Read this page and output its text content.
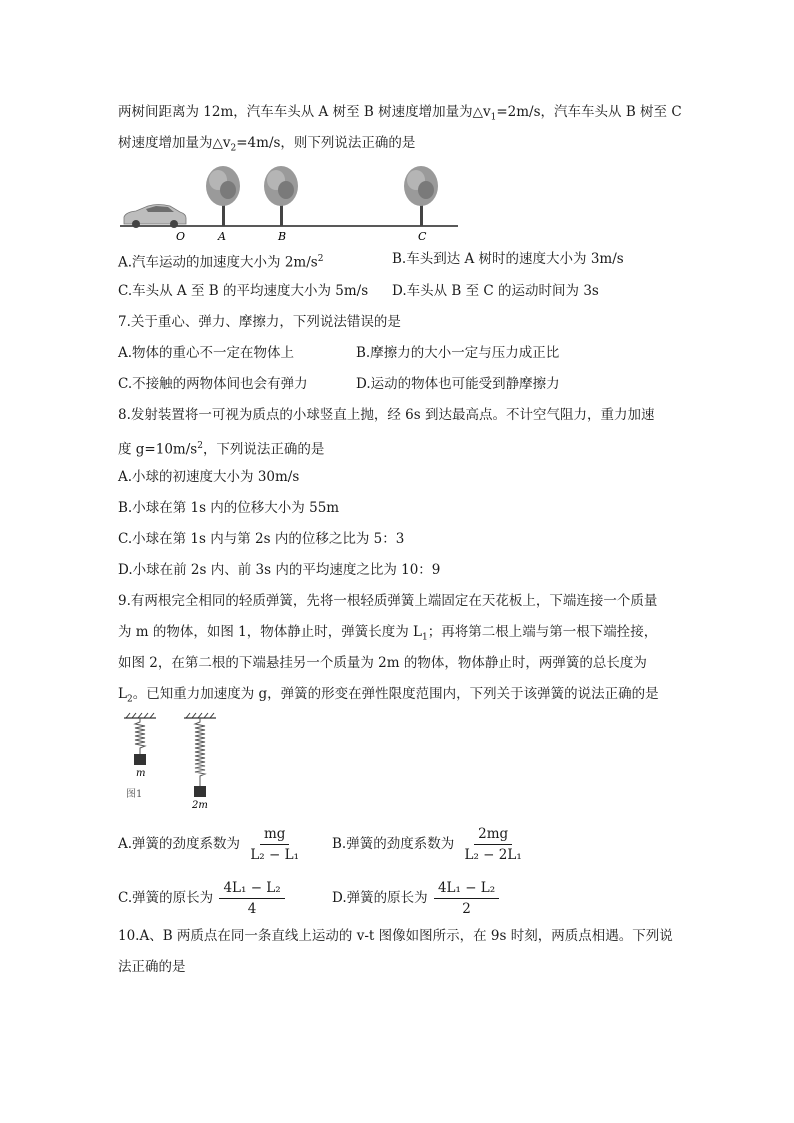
两树间距离为 12m，汽车车头从 A 树至 B 树速度增加量为$\triangle v_1=2m/s$，汽车车头从 B 树至 C
树速度增加量为$\triangle v_2=4m/s$，则下列说法正确的是
O	A	B	C
A.汽车运动的加速度大小为 $2m/s^2$	B.车头到达 A 树时的速度大小为 3m/s
C.车头从 A 至 B 的平均速度大小为 5m/s D.车头从 B 至 C 的运动时间为 3s
7.关于重心、弹力、摩擦力，下列说法错误的是
A.物体的重心不一定在物体上	B.摩擦力的大小一定与压力成正比
C.不接触的两物体间也会有弹力	D.运动的物体也可能受到静摩擦力
8.发射装置将一可视为质点的小球竖直上抛，经 6s 到达最高点。不计空气阻力，重力加速
度 $g=10m/s^2$，下列说法正确的是
A.小球的初速度大小为 30m/s
B.小球在第 1s 内的位移大小为 55m
C.小球在第 1s 内与第 2s 内的位移之比为 5：3
D.小球在前 2s 内、前 3s 内的平均速度之比为 10：9
9.有两根完全相同的轻质弹簧，先将一根轻质弹簧上端固定在天花板上，下端连接一个质量
为 m 的物体，如图 1，物体静止时，弹簧长度为 $L_1$；再将第二根上端与第一根下端拴接，
如图 2，在第二根的下端悬挂另一个质量为 2m 的物体，物体静止时，两弹簧的总长度为
$L_2$。已知重力加速度为 g，弹簧的形变在弹性限度范围内，下列关于该弹簧的说法正确的是
m
图1
2m
A.弹簧的劲度系数为 $\frac{mg}{\text{L₂ − L₁}} B$.弹簧的劲度系数为 $\frac{2mg}{\text{L₂ − 2L₁}}$
C.弹簧的原长为 $\frac{\text{4L₁ − L₂}}{4}$	D.弹簧的原长为 $\frac{\text{4L₁ − L₂}}{2}$
10.A、B 两质点在同一条直线上运动的 v-t 图像如图所示，在 9s 时刻，两质点相遇。下列说
法正确的是
